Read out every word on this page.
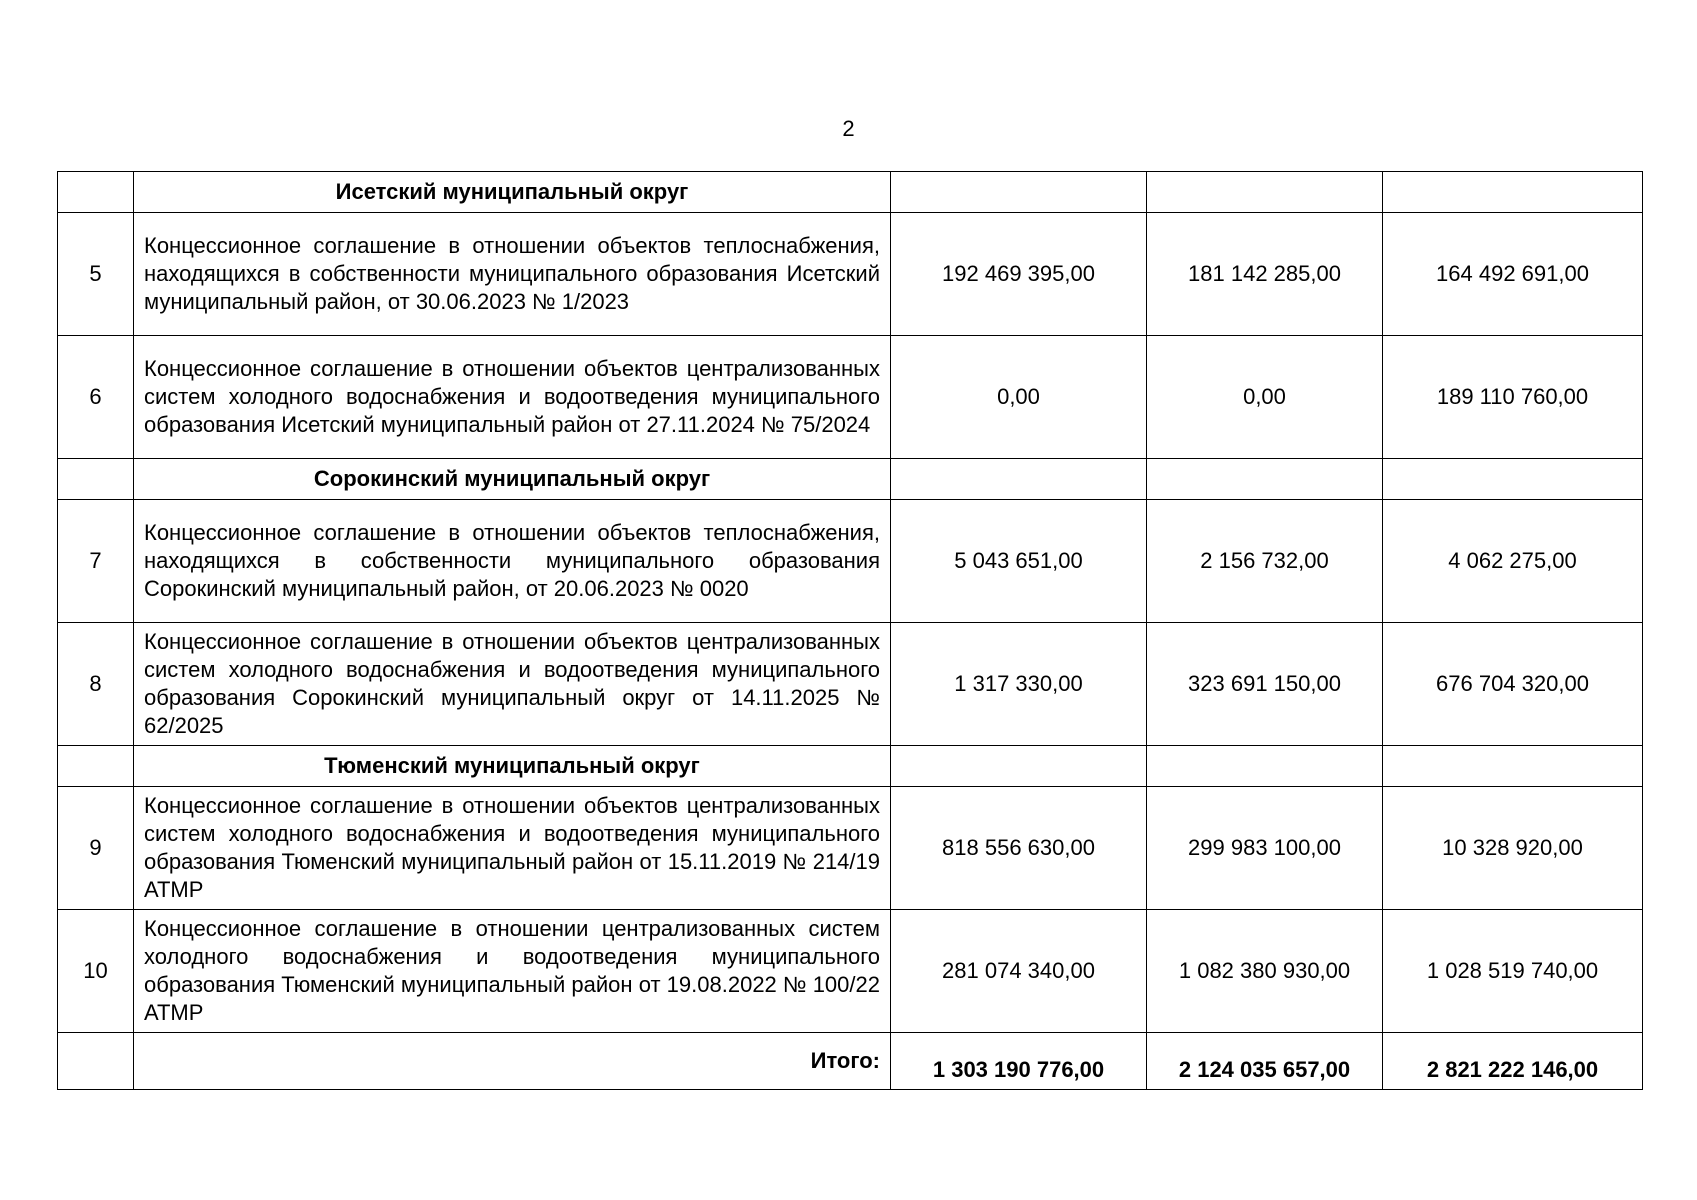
2
	Исетский муниципальный округ			
5	Концессионное соглашение в отношении объектов теплоснабжения, находящихся в собственности муниципального образования Исетский муниципальный район, от 30.06.2023 № 1/2023	192 469 395,00	181 142 285,00	164 492 691,00
6	Концессионное соглашение в отношении объектов централизованных систем холодного водоснабжения и водоотведения муниципального образования Исетский муниципальный район от 27.11.2024 № 75/2024	0,00	0,00	189 110 760,00
	Сорокинский муниципальный округ			
7	Концессионное соглашение в отношении объектов теплоснабжения, находящихся в собственности муниципального образования Сорокинский муниципальный район, от 20.06.2023 № 0020	5 043 651,00	2 156 732,00	4 062 275,00
8	Концессионное соглашение в отношении объектов централизованных систем холодного водоснабжения и водоотведения муниципального образования Сорокинский муниципальный округ от 14.11.2025 № 62/2025	1 317 330,00	323 691 150,00	676 704 320,00
	Тюменский муниципальный округ			
9	Концессионное соглашение в отношении объектов централизованных систем холодного водоснабжения и водоотведения муниципального образования Тюменский муниципальный район от 15.11.2019 № 214/19 АТМР	818 556 630,00	299 983 100,00	10 328 920,00
10	Концессионное соглашение в отношении централизованных систем холодного водоснабжения и водоотведения муниципального образования Тюменский муниципальный район от 19.08.2022 № 100/22 АТМР	281 074 340,00	1 082 380 930,00	1 028 519 740,00
	Итого:	1 303 190 776,00	2 124 035 657,00	2 821 222 146,00
